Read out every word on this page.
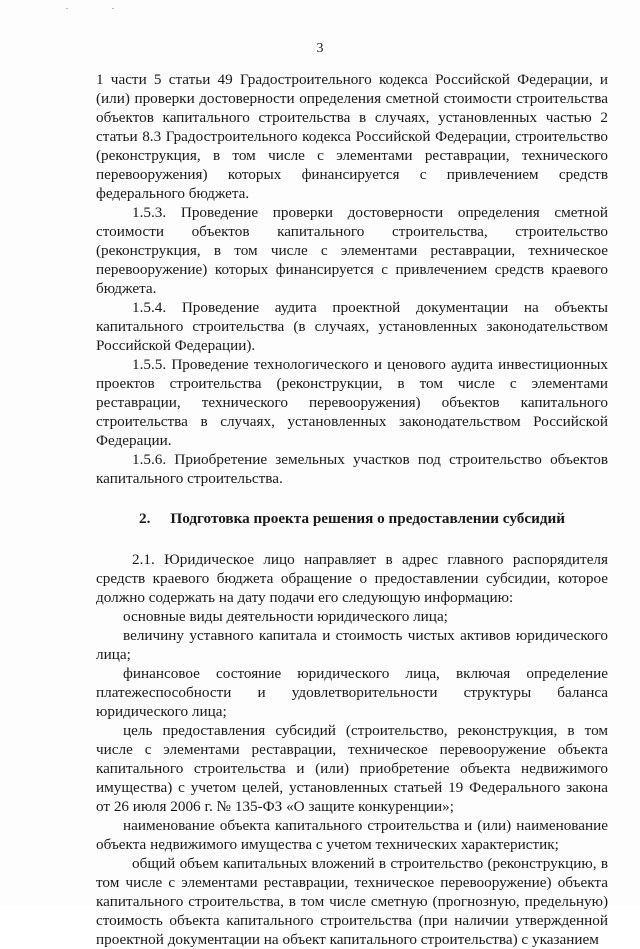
3

1 части 5 статьи 49 Градостроительного кодекса Российской Федерации, и (или) проверки достоверности определения сметной стоимости строительства объектов капитального строительства в случаях, установленных частью 2 статьи 8.3 Градостроительного кодекса Российской Федерации, строительство (реконструкция, в том числе с элементами реставрации, технического перевооружения) которых финансируется с привлечением средств федерального бюджета.

1.5.3. Проведение проверки достоверности определения сметной стоимости объектов капитального строительства, строительство (реконструкция, в том числе с элементами реставрации, техническое перевооружение) которых финансируется с привлечением средств краевого бюджета.

1.5.4. Проведение аудита проектной документации на объекты капитального строительства (в случаях, установленных законодательством Российской Федерации).

1.5.5. Проведение технологического и ценового аудита инвестиционных проектов строительства (реконструкции, в том числе с элементами реставрации, технического перевооружения) объектов капитального строительства в случаях, установленных законодательством Российской Федерации.

1.5.6. Приобретение земельных участков под строительство объектов капитального строительства.

2. Подготовка проекта решения о предоставлении субсидий

2.1. Юридическое лицо направляет в адрес главного распорядителя средств краевого бюджета обращение о предоставлении субсидии, которое должно содержать на дату подачи его следующую информацию:

основные виды деятельности юридического лица;

величину уставного капитала и стоимость чистых активов юридического лица;

финансовое состояние юридического лица, включая определение платежеспособности и удовлетворительности структуры баланса юридического лица;

цель предоставления субсидий (строительство, реконструкция, в том числе с элементами реставрации, техническое перевооружение объекта капитального строительства и (или) приобретение объекта недвижимого имущества) с учетом целей, установленных статьей 19 Федерального закона от 26 июля 2006 г. № 135-ФЗ «О защите конкуренции»;

наименование объекта капитального строительства и (или) наименование объекта недвижимого имущества с учетом технических характеристик;

общий объем капитальных вложений в строительство (реконструкцию, в том числе с элементами реставрации, техническое перевооружение) объекта капитального строительства, в том числе сметную (прогнозную, предельную) стоимость объекта капитального строительства (при наличии утвержденной проектной документации на объект капитального строительства) с указанием
